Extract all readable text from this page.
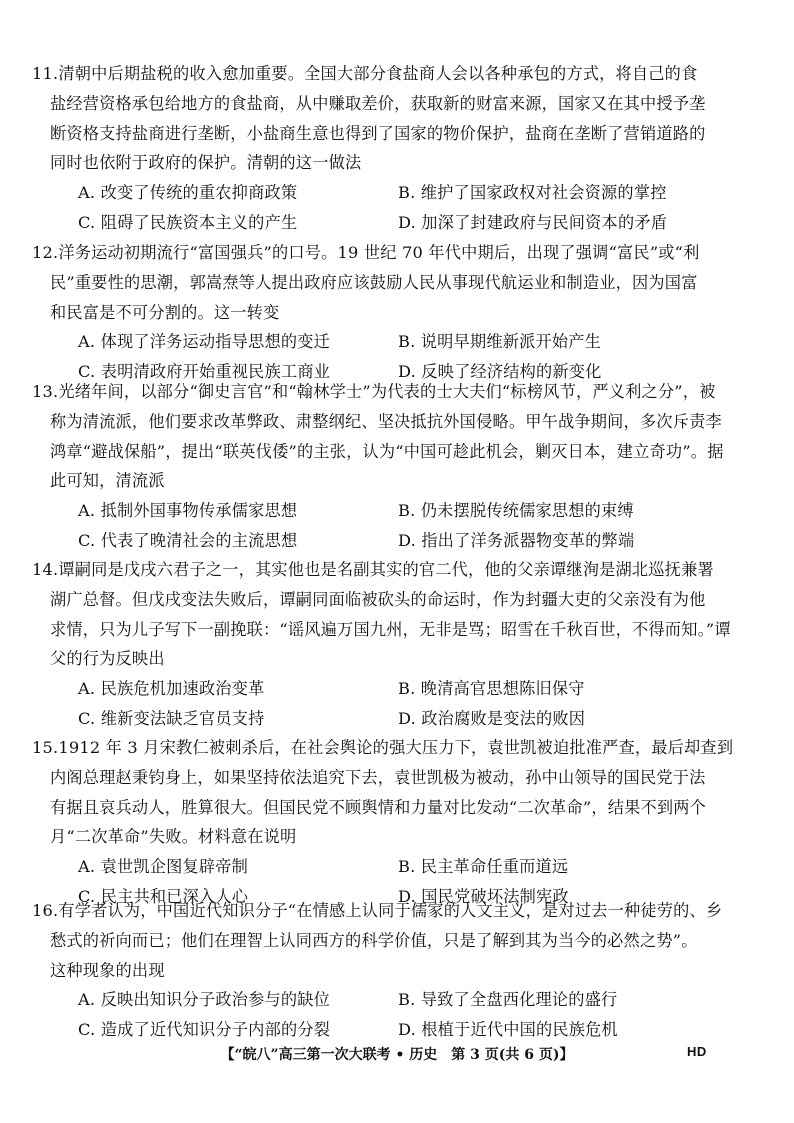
11.清朝中后期盐税的收入愈加重要。全国大部分食盐商人会以各种承包的方式，将自己的食
盐经营资格承包给地方的食盐商，从中赚取差价，获取新的财富来源，国家又在其中授予垄
断资格支持盐商进行垄断，小盐商生意也得到了国家的物价保护，盐商在垄断了营销道路的
同时也依附于政府的保护。清朝的这一做法
A. 改变了传统的重农抑商政策	B. 维护了国家政权对社会资源的掌控
C. 阻碍了民族资本主义的产生	D. 加深了封建政府与民间资本的矛盾
12.洋务运动初期流行“富国强兵”的口号。19 世纪 70 年代中期后，出现了强调“富民”或“利
民”重要性的思潮，郭嵩焘等人提出政府应该鼓励人民从事现代航运业和制造业，因为国富
和民富是不可分割的。这一转变
A. 体现了洋务运动指导思想的变迁	B. 说明早期维新派开始产生
C. 表明清政府开始重视民族工商业	D. 反映了经济结构的新变化
13.光绪年间，以部分“御史言官”和“翰林学士”为代表的士大夫们“标榜风节，严义利之分”，被
称为清流派，他们要求改革弊政、肃整纲纪、坚决抵抗外国侵略。甲午战争期间，多次斥责李
鸿章“避战保船”，提出“联英伐倭”的主张，认为“中国可趁此机会，剿灭日本，建立奇功”。据
此可知，清流派
A. 抵制外国事物传承儒家思想	B. 仍未摆脱传统儒家思想的束缚
C. 代表了晚清社会的主流思想	D. 指出了洋务派器物变革的弊端
14.谭嗣同是戊戌六君子之一，其实他也是名副其实的官二代，他的父亲谭继洵是湖北巡抚兼署
湖广总督。但戊戌变法失败后，谭嗣同面临被砍头的命运时，作为封疆大吏的父亲没有为他
求情，只为儿子写下一副挽联：“谣风遍万国九州，无非是骂；昭雪在千秋百世，不得而知。”谭
父的行为反映出
A. 民族危机加速政治变革	B. 晚清高官思想陈旧保守
C. 维新变法缺乏官员支持	D. 政治腐败是变法的败因
15.1912 年 3 月宋教仁被刺杀后，在社会舆论的强大压力下，袁世凯被迫批准严查，最后却查到
内阁总理赵秉钧身上，如果坚持依法追究下去，袁世凯极为被动，孙中山领导的国民党于法
有据且哀兵动人，胜算很大。但国民党不顾舆情和力量对比发动“二次革命”，结果不到两个
月“二次革命”失败。材料意在说明
A. 袁世凯企图复辟帝制	B. 民主革命任重而道远
C. 民主共和已深入人心	D. 国民党破坏法制宪政
16.有学者认为，中国近代知识分子“在情感上认同于儒家的人文主义，是对过去一种徒劳的、乡
愁式的祈向而已；他们在理智上认同西方的科学价值，只是了解到其为当今的必然之势”。
这种现象的出现
A. 反映出知识分子政治参与的缺位	B. 导致了全盘西化理论的盛行
C. 造成了近代知识分子内部的分裂	D. 根植于近代中国的民族危机
【“皖八”高三第一次大联考 • 历史　第 3 页(共 6 页)】	HD
